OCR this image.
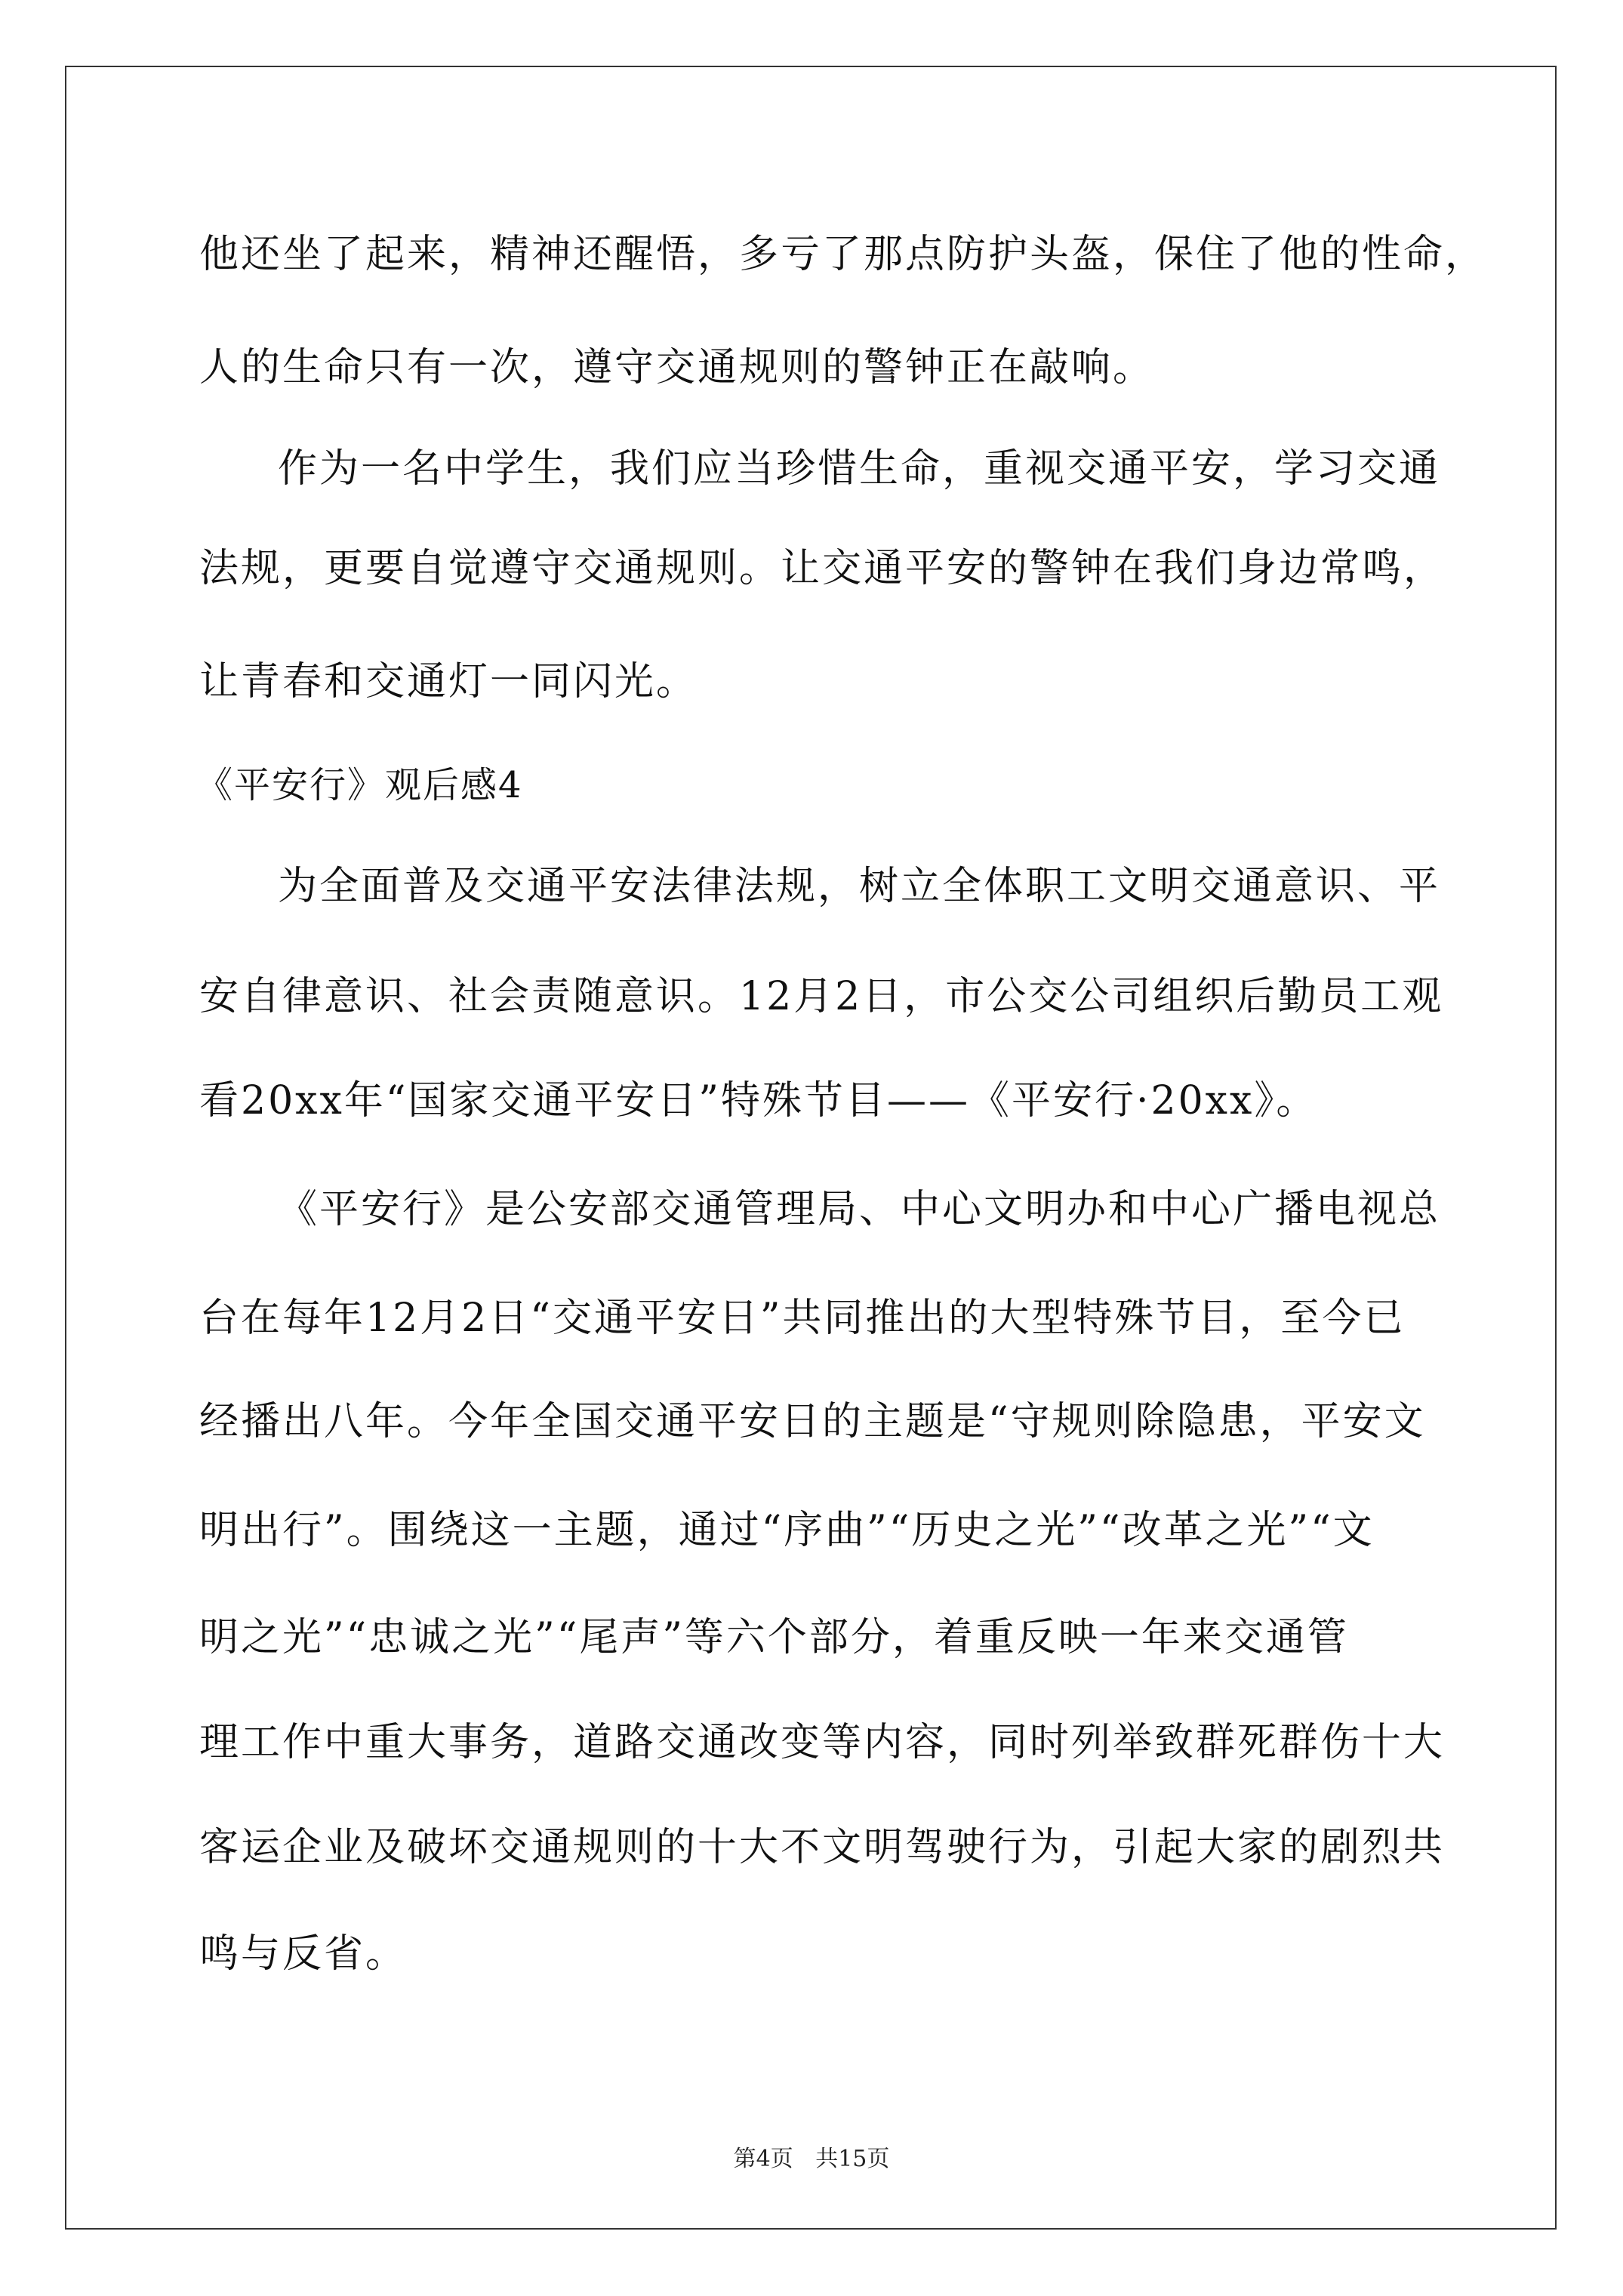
他还坐了起来，精神还醒悟，多亏了那点防护头盔，保住了他的性命，
人的生命只有一次，遵守交通规则的警钟正在敲响。
作为一名中学生，我们应当珍惜生命，重视交通平安，学习交通
法规，更要自觉遵守交通规则。让交通平安的警钟在我们身边常鸣，
让青春和交通灯一同闪光。
《平安行》观后感4
为全面普及交通平安法律法规，树立全体职工文明交通意识、平
安自律意识、社会责随意识。12月2日，市公交公司组织后勤员工观
看20xx年“国家交通平安日”特殊节目——《平安行·20xx》。
《平安行》是公安部交通管理局、中心文明办和中心广播电视总
台在每年12月2日“交通平安日”共同推出的大型特殊节目，至今已
经播出八年。今年全国交通平安日的主题是“守规则除隐患，平安文
明出行”。围绕这一主题，通过“序曲”“历史之光”“改革之光”“文
明之光”“忠诚之光”“尾声”等六个部分，着重反映一年来交通管
理工作中重大事务，道路交通改变等内容，同时列举致群死群伤十大
客运企业及破坏交通规则的十大不文明驾驶行为，引起大家的剧烈共
鸣与反省。
第4页 共15页
